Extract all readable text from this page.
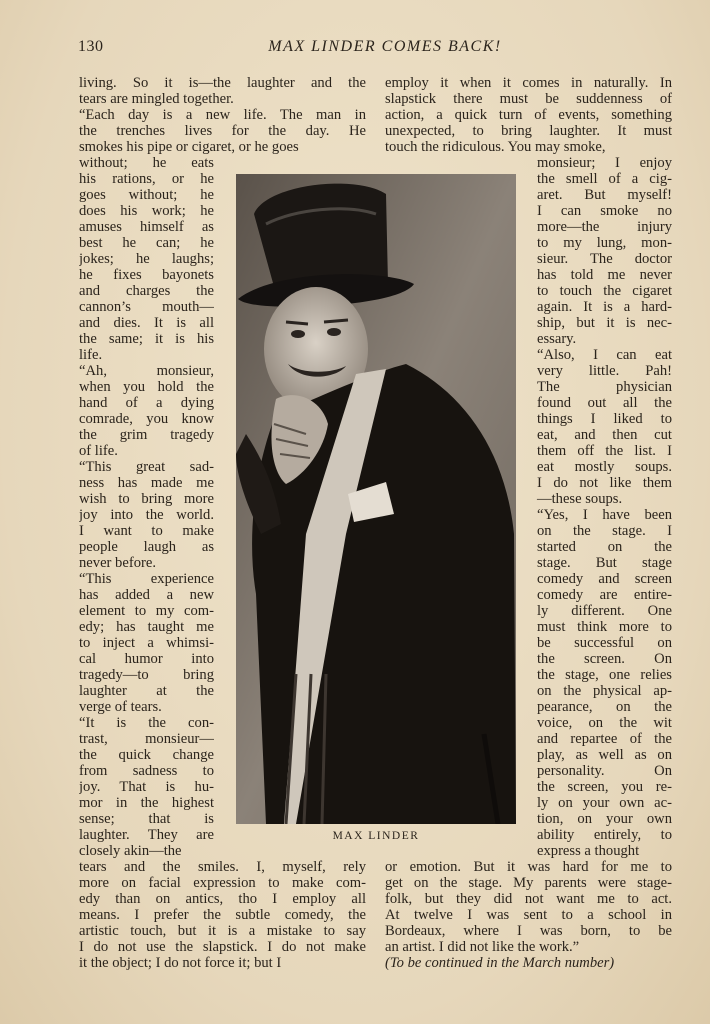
130	MAX LINDER COMES BACK!
MAX LINDER
living. So it is—the laughter and the
tears are mingled together.
“Each day is a new life. The man in
the trenches lives for the day. He
smokes his pipe or cigaret, or he goes
without; he eats
his rations, or he
goes without; he
does his work; he
amuses himself as
best he can; he
jokes; he laughs;
he fixes bayonets
and charges the
cannon’s mouth—
and dies. It is all
the same; it is his
life.
“Ah, monsieur,
when you hold the
hand of a dying
comrade, you know
the grim tragedy
of life.
“This great sad-
ness has made me
wish to bring more
joy into the world.
I want to make
people laugh as
never before.
“This experience
has added a new
element to my com-
edy; has taught me
to inject a whimsi-
cal humor into
tragedy—to bring
laughter at the
verge of tears.
“It is the con-
trast, monsieur—
the quick change
from sadness to
joy. That is hu-
mor in the highest
sense; that is
laughter. They are
closely akin—the
tears and the smiles. I, myself, rely
more on facial expression to make com-
edy than on antics, tho I employ all
means. I prefer the subtle comedy, the
artistic touch, but it is a mistake to say
I do not use the slapstick. I do not make
it the object; I do not force it; but I
employ it when it comes in naturally. In
slapstick there must be suddenness of
action, a quick turn of events, something
unexpected, to bring laughter. It must
touch the ridiculous. You may smoke,
monsieur; I enjoy
the smell of a cig-
aret. But myself!
I can smoke no
more—the injury
to my lung, mon-
sieur. The doctor
has told me never
to touch the cigaret
again. It is a hard-
ship, but it is nec-
essary.
“Also, I can eat
very little. Pah!
The physician
found out all the
things I liked to
eat, and then cut
them off the list. I
eat mostly soups.
I do not like them
—these soups.
“Yes, I have been
on the stage. I
started on the
stage. But stage
comedy and screen
comedy are entire-
ly different. One
must think more to
be successful on
the screen. On
the stage, one relies
on the physical ap-
pearance, on the
voice, on the wit
and repartee of the
play, as well as on
personality. On
the screen, you re-
ly on your own ac-
tion, on your own
ability entirely, to
express a thought
or emotion. But it was hard for me to
get on the stage. My parents were stage-
folk, but they did not want me to act.
At twelve I was sent to a school in
Bordeaux, where I was born, to be
an artist. I did not like the work.”
(To be continued in the March number)
